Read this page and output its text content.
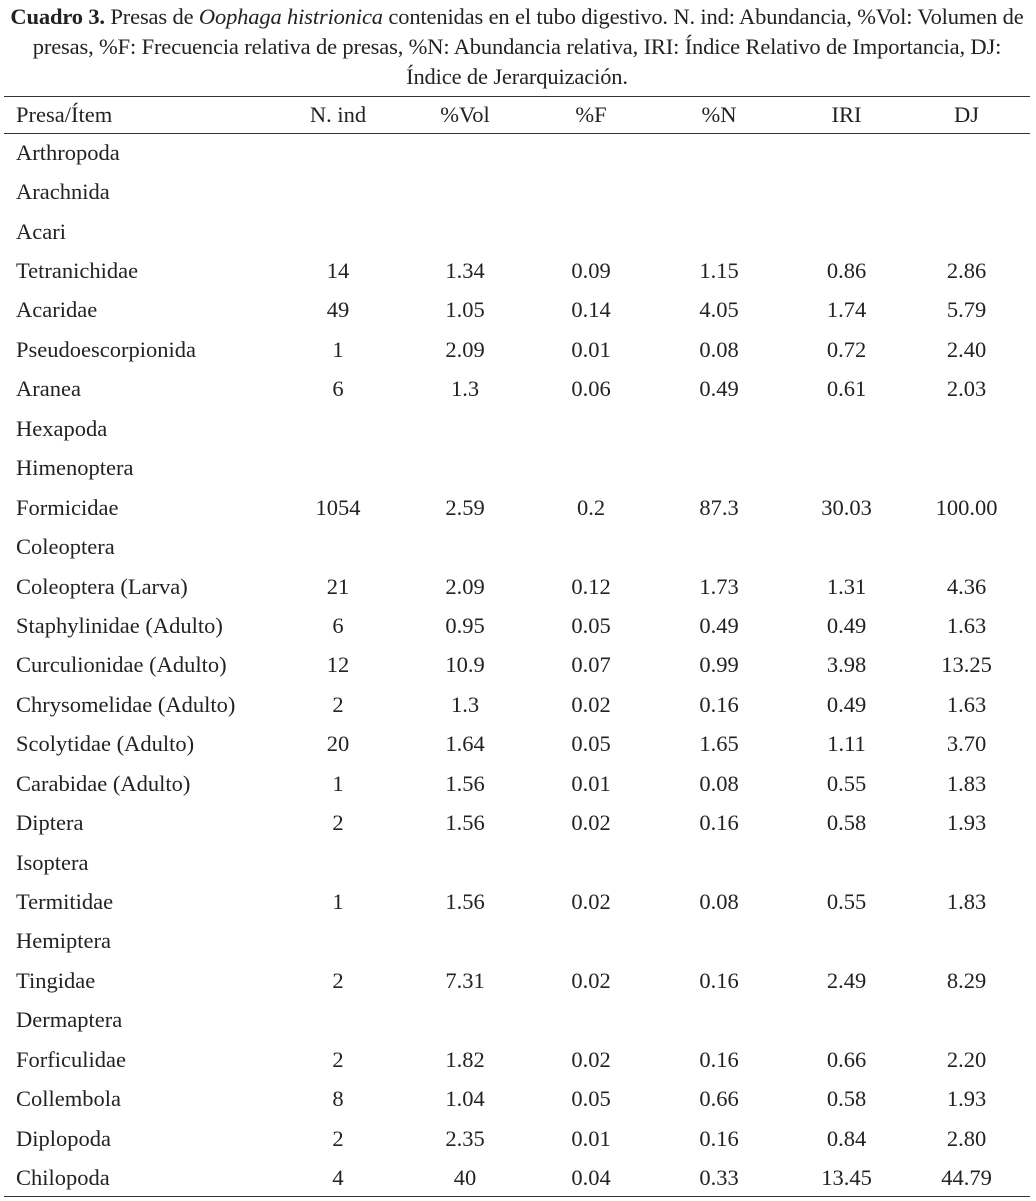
Cuadro 3. Presas de Oophaga histrionica contenidas en el tubo digestivo. N. ind: Abundancia, %Vol: Volumen de presas, %F: Frecuencia relativa de presas, %N: Abundancia relativa, IRI: Índice Relativo de Importancia, DJ: Índice de Jerarquización.
Presa/Ítem	N. ind	%Vol	%F	%N	IRI	DJ
Arthropoda						
Arachnida						
Acari						
Tetranichidae	14	1.34	0.09	1.15	0.86	2.86
Acaridae	49	1.05	0.14	4.05	1.74	5.79
Pseudoescorpionida	1	2.09	0.01	0.08	0.72	2.40
Aranea	6	1.3	0.06	0.49	0.61	2.03
Hexapoda						
Himenoptera						
Formicidae	1054	2.59	0.2	87.3	30.03	100.00
Coleoptera						
Coleoptera (Larva)	21	2.09	0.12	1.73	1.31	4.36
Staphylinidae (Adulto)	6	0.95	0.05	0.49	0.49	1.63
Curculionidae (Adulto)	12	10.9	0.07	0.99	3.98	13.25
Chrysomelidae (Adulto)	2	1.3	0.02	0.16	0.49	1.63
Scolytidae (Adulto)	20	1.64	0.05	1.65	1.11	3.70
Carabidae (Adulto)	1	1.56	0.01	0.08	0.55	1.83
Diptera	2	1.56	0.02	0.16	0.58	1.93
Isoptera						
Termitidae	1	1.56	0.02	0.08	0.55	1.83
Hemiptera						
Tingidae	2	7.31	0.02	0.16	2.49	8.29
Dermaptera						
Forficulidae	2	1.82	0.02	0.16	0.66	2.20
Collembola	8	1.04	0.05	0.66	0.58	1.93
Diplopoda	2	2.35	0.01	0.16	0.84	2.80
Chilopoda	4	40	0.04	0.33	13.45	44.79
